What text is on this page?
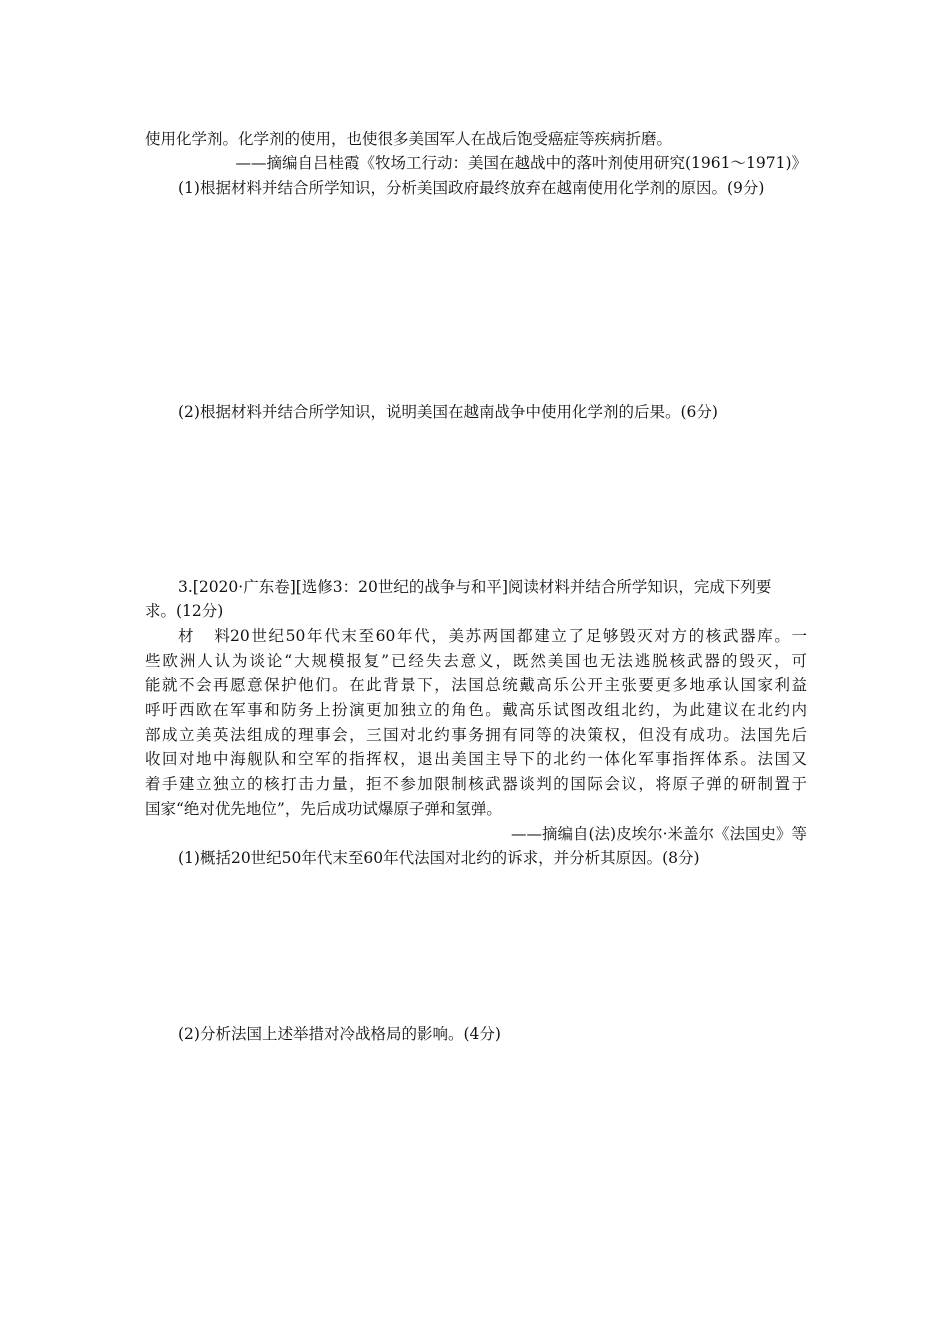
使用化学剂。化学剂的使用，也使很多美国军人在战后饱受癌症等疾病折磨。
——摘编自吕桂霞《牧场工行动：美国在越战中的落叶剂使用研究(1961～1971)》
(1)根据材料并结合所学知识，分析美国政府最终放弃在越南使用化学剂的原因。(9分)
(2)根据材料并结合所学知识，说明美国在越南战争中使用化学剂的后果。(6分)
3.[2020·广东卷][选修3：20世纪的战争与和平]阅读材料并结合所学知识，完成下列要
求。(12分)
材料20世纪50年代末至60年代，美苏两国都建立了足够毁灭对方的核武器库。一
些欧洲人认为谈论“大规模报复”已经失去意义，既然美国也无法逃脱核武器的毁灭，可
能就不会再愿意保护他们。在此背景下，法国总统戴高乐公开主张要更多地承认国家利益
呼吁西欧在军事和防务上扮演更加独立的角色。戴高乐试图改组北约，为此建议在北约内
部成立美英法组成的理事会，三国对北约事务拥有同等的决策权，但没有成功。法国先后
收回对地中海舰队和空军的指挥权，退出美国主导下的北约一体化军事指挥体系。法国又
着手建立独立的核打击力量，拒不参加限制核武器谈判的国际会议，将原子弹的研制置于
国家“绝对优先地位”，先后成功试爆原子弹和氢弹。
——摘编自(法)皮埃尔·米盖尔《法国史》等
(1)概括20世纪50年代末至60年代法国对北约的诉求，并分析其原因。(8分)
(2)分析法国上述举措对冷战格局的影响。(4分)
